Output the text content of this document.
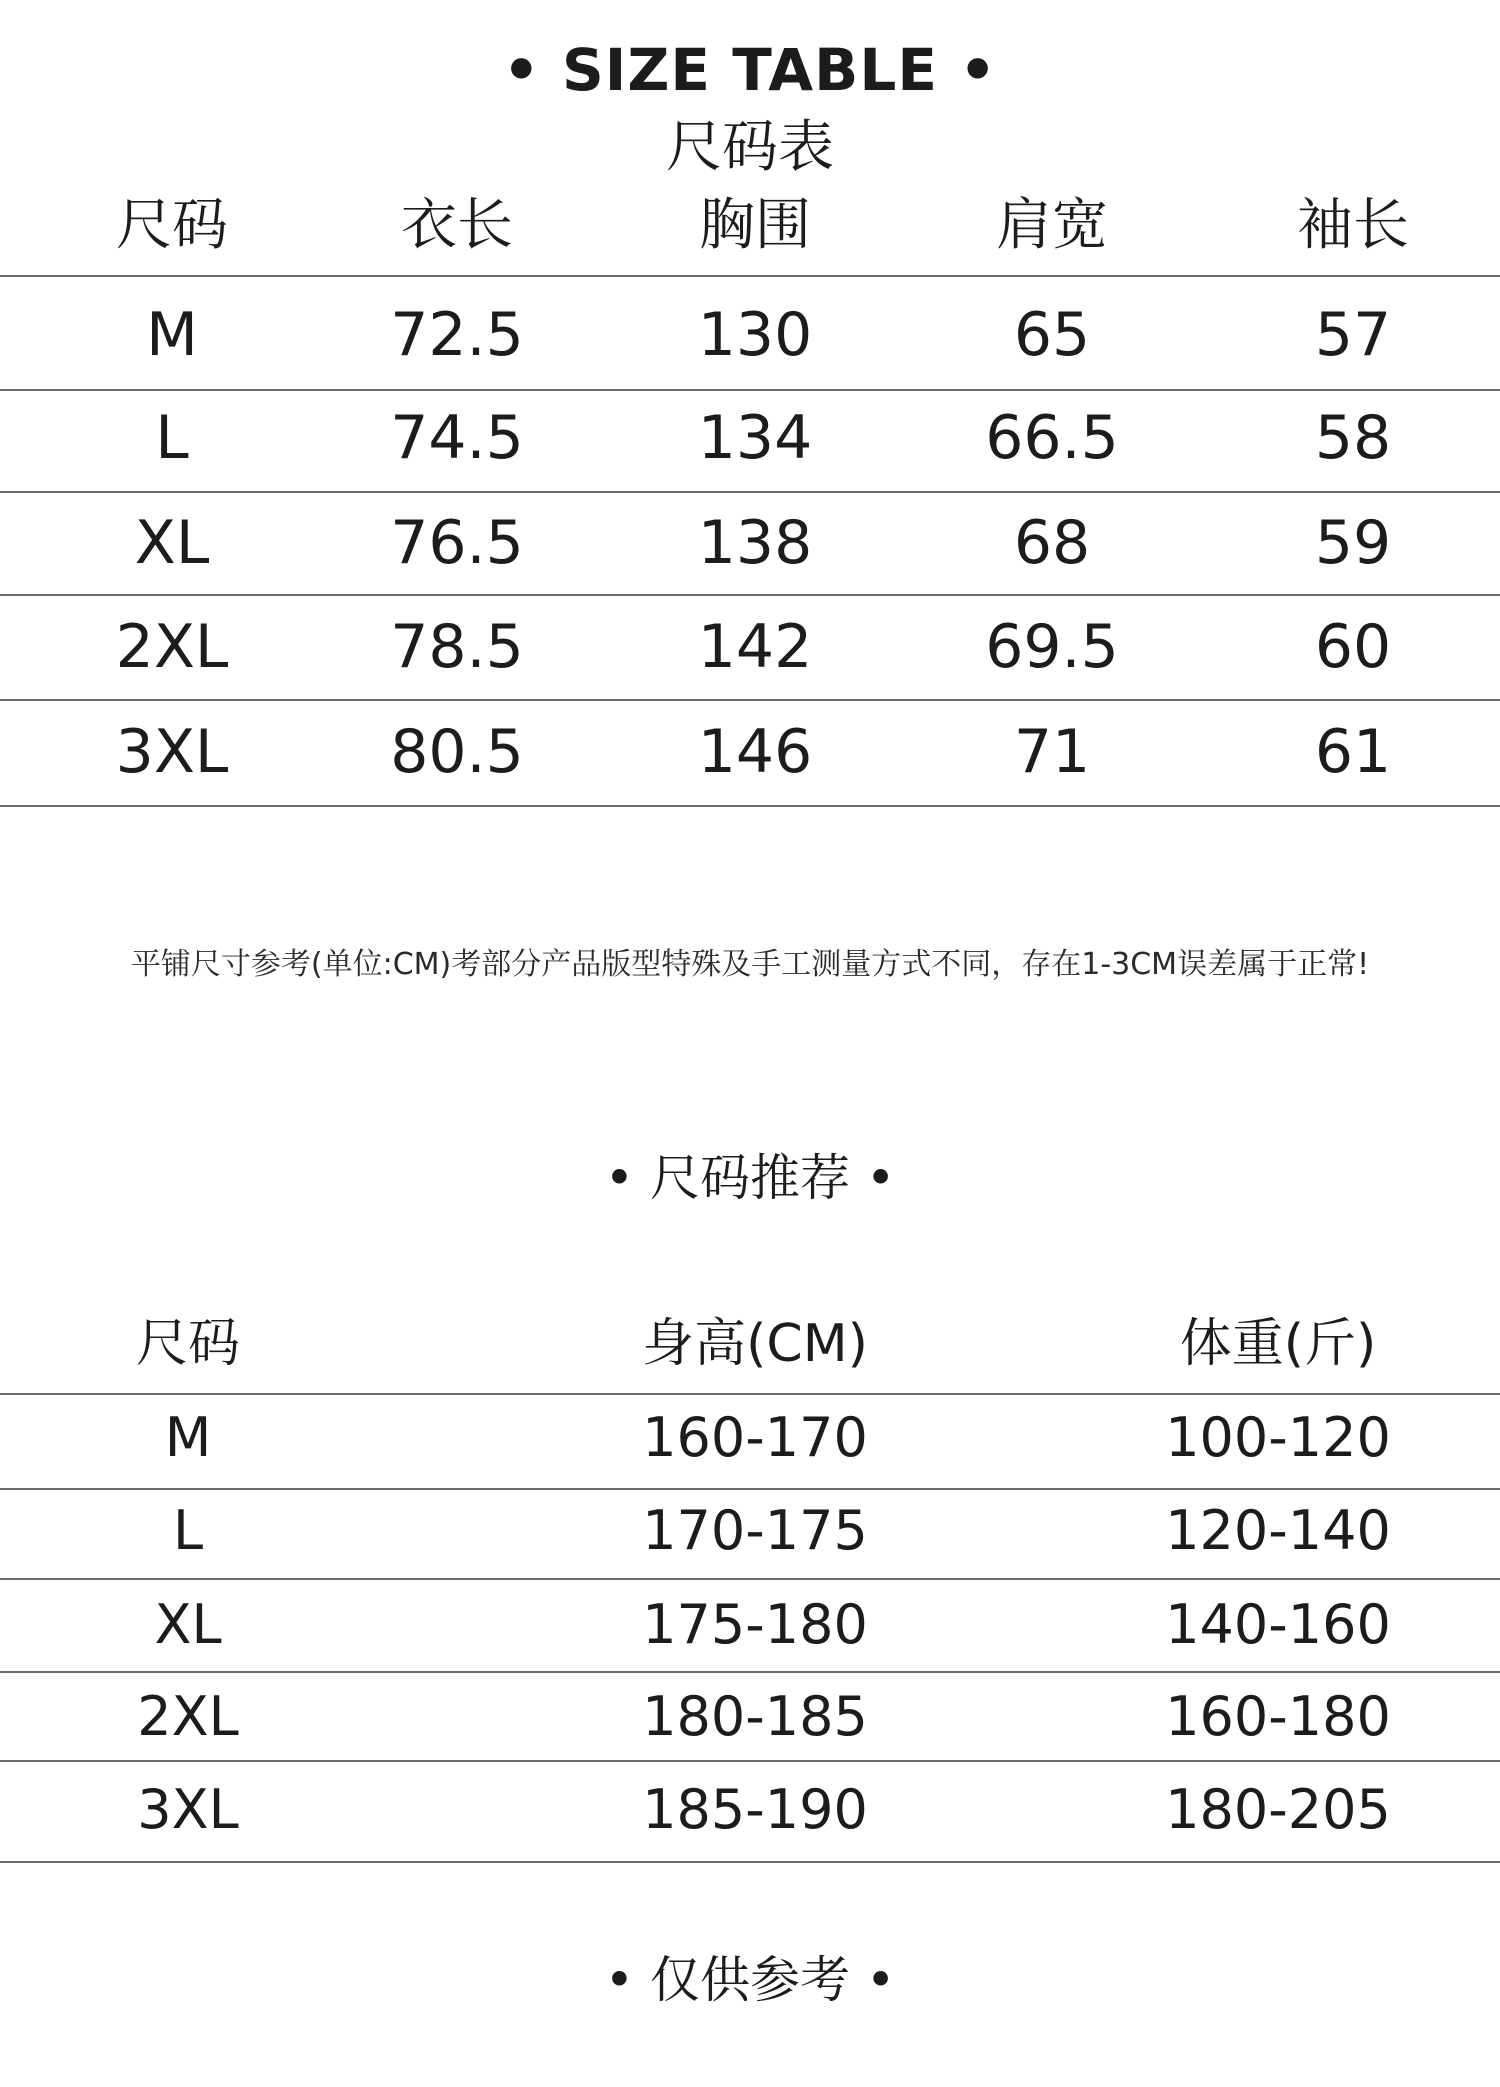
• SIZE TABLE •
尺码表
尺码	衣长	胸围	肩宽	袖长
M	72.5	130	65	57
L	74.5	134	66.5	58
XL	76.5	138	68	59
2XL	78.5	142	69.5	60
3XL	80.5	146	71	61
平铺尺寸参考(单位:CM)考部分产品版型特殊及手工测量方式不同，存在1-3CM误差属于正常!
• 尺码推荐 •
尺码	身高(CM)	体重(斤)
M	160-170	100-120
L	170-175	120-140
XL	175-180	140-160
2XL	180-185	160-180
3XL	185-190	180-205
• 仅供参考 •
